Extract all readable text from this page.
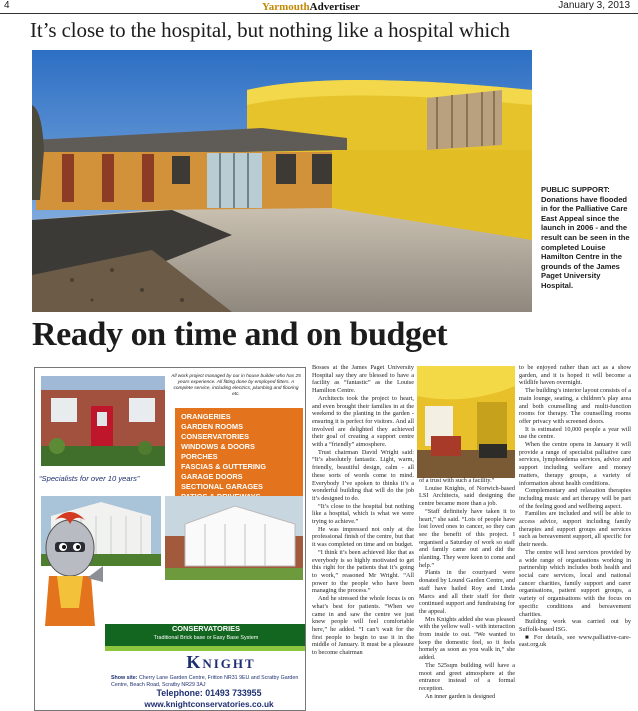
4	YarmouthAdvertiser	January 3, 2013
It’s close to the hospital, but nothing like a hospital which
PUBLIC SUPPORT: Donations have flooded in for the Palliative Care East Appeal since the launch in 2006 - and the result can be seen in the completed Louise Hamilton Centre in the grounds of the James Paget University Hospital.
Ready on time and on budget
All work project managed by our in house builder who has 25 years experience. All fitting done by employed fitters. A complete service, including electrics, plumbing and flooring etc.
ORANGERIES
GARDEN ROOMS
CONSERVATORIES
WINDOWS & DOORS
PORCHES
FASCIAS & GUTTERING
GARAGE DOORS
SECTIONAL GARAGES
“Specialists for over 10 years”
CONSERVATORIES
Traditional Brick base or Easy Base System
Knight
Show site: Cherry Lane Garden Centre, Fritton NR31 9EU and Scratby Garden Centre, Beach Road, Scratby NR29 3AJ
Telephone: 01493 733955
www.knightconservatories.co.uk

Bosses at the James Paget University Hospital say they are blessed to have a facility as “fantastic” as the Louise Hamilton Centre.

Architects took the project to heart, and even brought their families in at the weekend to the planting in the garden - ensuring it is perfect for visitors. And all involved are delighted they achieved their goal of creating a support centre with a “friendly” atmosphere.

Trust chairman David Wright said: “It’s absolutely fantastic. Light, warm, friendly, beautiful design, calm - all these sorts of words come to mind. Everybody I’ve spoken to thinks it’s a wonderful building that will do the job it’s designed to do.

“It’s close to the hospital but nothing like a hospital, which is what we were trying to achieve.”

He was impressed not only at the professional finish of the centre, but that it was completed on time and on budget.

“I think it’s been achieved like that as everybody is so highly motivated to get this right for the patients that it’s going to work,” reasoned Mr Wright. “All power to the people who have been managing the process.”

And he stressed the whole focus is on what’s best for patients. “When we came in and saw the centre we just knew people will feel comfortable here,” he added. “I can’t wait for the first people to begin to use it in the middle of January. It must be a pleasure to become chairman

of a trust with such a facility.”

Louise Knights, of Norwich-based LSI Architects, said designing the centre became more than a job.

“Staff definitely have taken it to heart,” she said. “Lots of people have lost loved ones to cancer, so they can see the benefit of this project. I organised a Saturday of work so staff and family came out and did the planting. They were keen to come and help.”

Plants in the courtyard were donated by Lound Garden Centre, and staff have hailed Roy and Linda Marcs and all their staff for their continued support and fundraising for the appeal.

Mrs Knights added she was pleased with the yellow wall - with interaction from inside to out. “We wanted to keep the domestic feel, so it feels homely as soon as you walk in,” she added.

The 525sqm building will have a moot and greet atmosphere at the entrance instead of a formal reception.

An inner garden is designed

to be enjoyed rather than act as a show garden, and it is hoped it will become a wildlife haven overnight.

The building’s interior layout consists of a main lounge, seating, a children’s play area and both counselling and multi-function rooms for therapy. The counselling rooms offer privacy with screened doors.

It is estimated 10,000 people a year will use the centre.

When the centre opens in January it will provide a range of specialist palliative care services, lymphoedema services, advice and support including welfare and money matters, therapy groups, a variety of information about health conditions.

Complementary and relaxation therapies including music and art therapy will be part of the feeling good and wellbeing aspect.

Families are included and will be able to access advice, support including family therapies and support groups and services such as bereavement support, all specific for their needs.

The centre will host services provided by a wide range of organisations working in partnership which includes both health and social care services, local and national cancer charities, family support and carer organisations, patient support groups, a variety of organisations with the focus on specific conditions and bereavement charities.

Building work was carried out by Suffolk-based ISG.

■ For details, see www.palliative-care-east.org.uk
